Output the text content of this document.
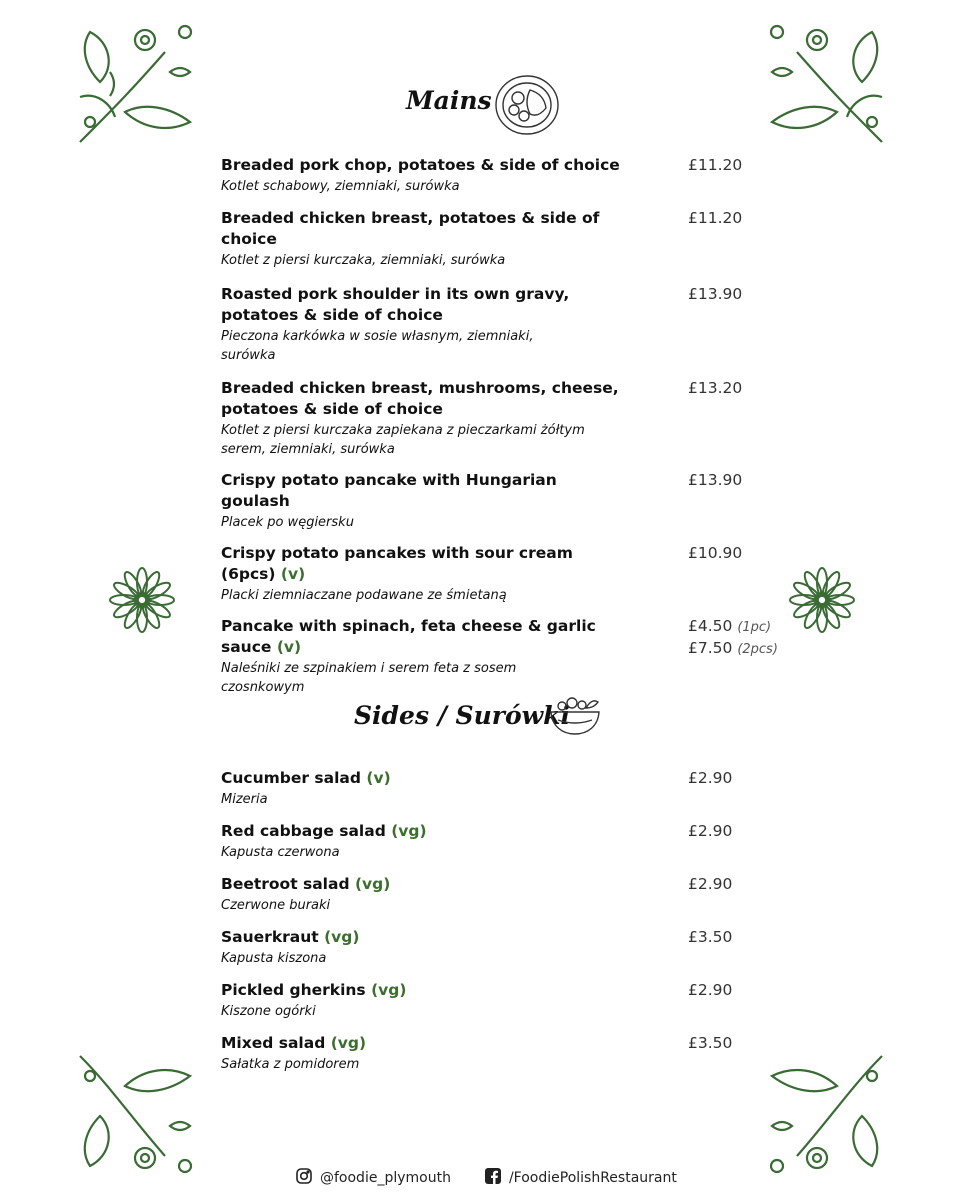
Mains
Breaded pork chop, potatoes & side of choice
Kotlet schabowy, ziemniaki, surówka
£11.20
Breaded chicken breast, potatoes & side of choice
Kotlet z piersi kurczaka, ziemniaki, surówka
£11.20
Roasted pork shoulder in its own gravy, potatoes & side of choice
Pieczona karkówka w sosie własnym, ziemniaki, surówka
£13.90
Breaded chicken breast, mushrooms, cheese, potatoes & side of choice
Kotlet z piersi kurczaka zapiekana z pieczarkami żółtym serem, ziemniaki, surówka
£13.20
Crispy potato pancake with Hungarian goulash
Placek po węgiersku
£13.90
Crispy potato pancakes with sour cream (6pcs) (v)
Placki ziemniaczane podawane ze śmietaną
£10.90
Pancake with spinach, feta cheese & garlic sauce (v)
Naleśniki ze szpinakiem i serem feta z sosem czosnkowym
£4.50 (1pc)
£7.50 (2pcs)
Sides / Surówki
Cucumber salad (v)
Mizeria
£2.90
Red cabbage salad (vg)
Kapusta czerwona
£2.90
Beetroot salad (vg)
Czerwone buraki
£2.90
Sauerkraut (vg)
Kapusta kiszona
£3.50
Pickled gherkins (vg)
Kiszone ogórki
£2.90
Mixed salad (vg)
Sałatka z pomidorem
£3.50
@foodie_plymouth	/FoodiePolishRestaurant
